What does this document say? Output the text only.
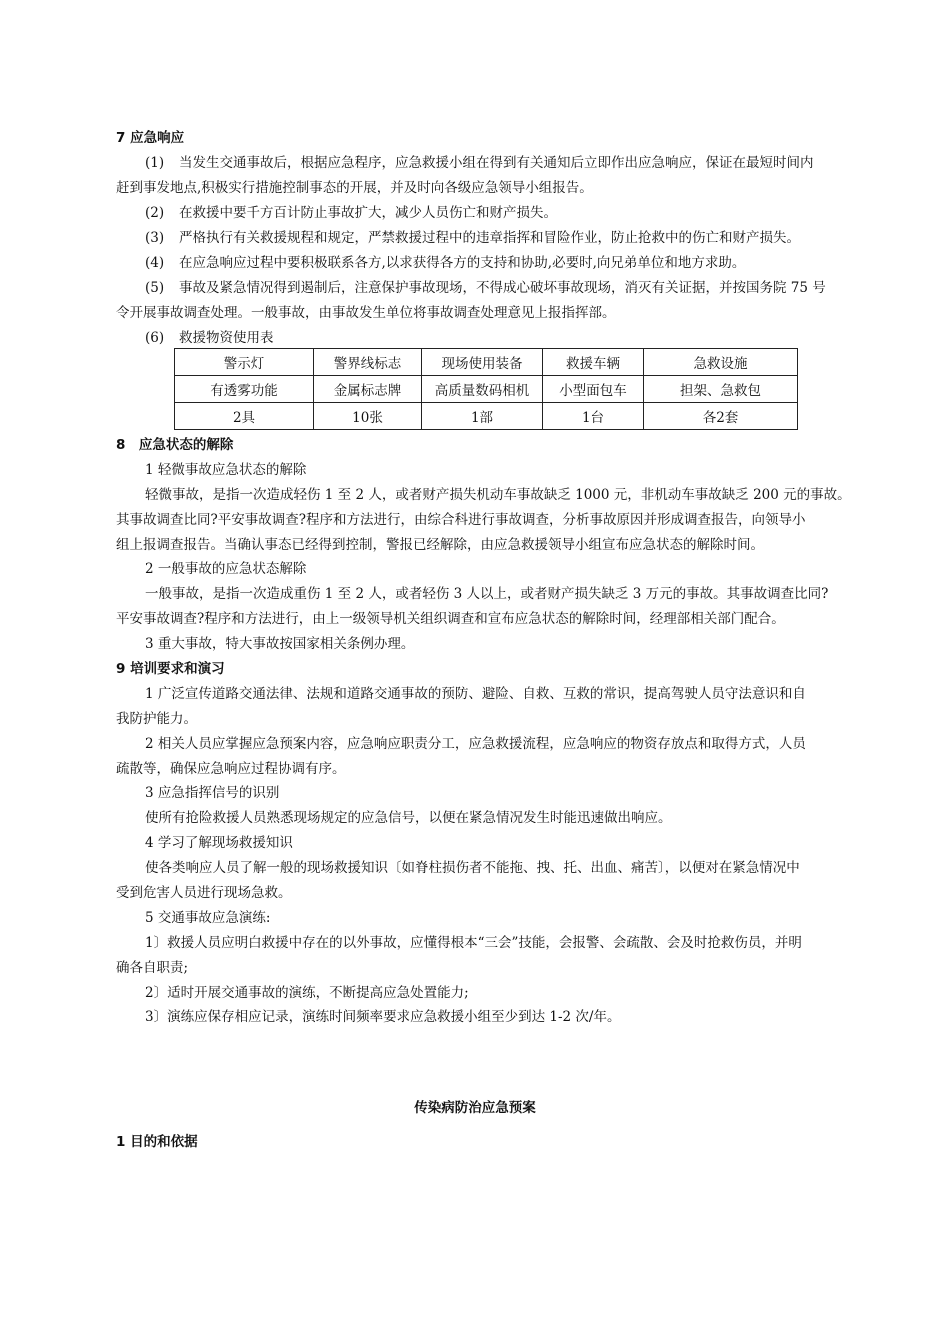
7 应急响应
(1) 当发生交通事故后，根据应急程序，应急救援小组在得到有关通知后立即作出应急响应，保证在最短时间内
赶到事发地点,积极实行措施控制事态的开展，并及时向各级应急领导小组报告。
(2) 在救援中要千方百计防止事故扩大，减少人员伤亡和财产损失。
(3) 严格执行有关救援规程和规定，严禁救援过程中的违章指挥和冒险作业，防止抢救中的伤亡和财产损失。
(4) 在应急响应过程中要积极联系各方,以求获得各方的支持和协助,必要时,向兄弟单位和地方求助。
(5) 事故及紧急情况得到遏制后，注意保护事故现场，不得成心破坏事故现场，消灭有关证据，并按国务院 75 号
令开展事故调查处理。一般事故，由事故发生单位将事故调查处理意见上报指挥部。
(6) 救援物资使用表
警示灯	警界线标志	现场使用装备	救援车辆	急救设施
有透雾功能	金属标志牌	高质量数码相机	小型面包车	担架、急救包
2具	10张	1部	1台	各2套
8　应急状态的解除
1 轻微事故应急状态的解除
轻微事故，是指一次造成轻伤 1 至 2 人，或者财产损失机动车事故缺乏 1000 元，非机动车事故缺乏 200 元的事故。
其事故调查比同?平安事故调查?程序和方法进行，由综合科进行事故调查，分析事故原因并形成调查报告，向领导小
组上报调查报告。当确认事态已经得到控制，警报已经解除，由应急救援领导小组宣布应急状态的解除时间。
2 一般事故的应急状态解除
一般事故，是指一次造成重伤 1 至 2 人，或者轻伤 3 人以上，或者财产损失缺乏 3 万元的事故。其事故调查比同?
平安事故调查?程序和方法进行，由上一级领导机关组织调查和宣布应急状态的解除时间，经理部相关部门配合。
3 重大事故，特大事故按国家相关条例办理。
9 培训要求和演习
1 广泛宣传道路交通法律、法规和道路交通事故的预防、避险、自救、互救的常识，提高驾驶人员守法意识和自
我防护能力。
2 相关人员应掌握应急预案内容，应急响应职责分工，应急救援流程，应急响应的物资存放点和取得方式，人员
疏散等，确保应急响应过程协调有序。
3 应急指挥信号的识别
使所有抢险救援人员熟悉现场规定的应急信号，以便在紧急情况发生时能迅速做出响应。
4 学习了解现场救援知识
使各类响应人员了解一般的现场救援知识〔如脊柱损伤者不能拖、拽、托、出血、痛苦〕，以便对在紧急情况中
受到危害人员进行现场急救。
5 交通事故应急演练:
1〕救援人员应明白救援中存在的以外事故，应懂得根本“三会”技能，会报警、会疏散、会及时抢救伤员，并明
确各自职责;
2〕适时开展交通事故的演练，不断提高应急处置能力;
3〕演练应保存相应记录，演练时间频率要求应急救援小组至少到达 1-2 次/年。
传染病防治应急预案
1 目的和依据
